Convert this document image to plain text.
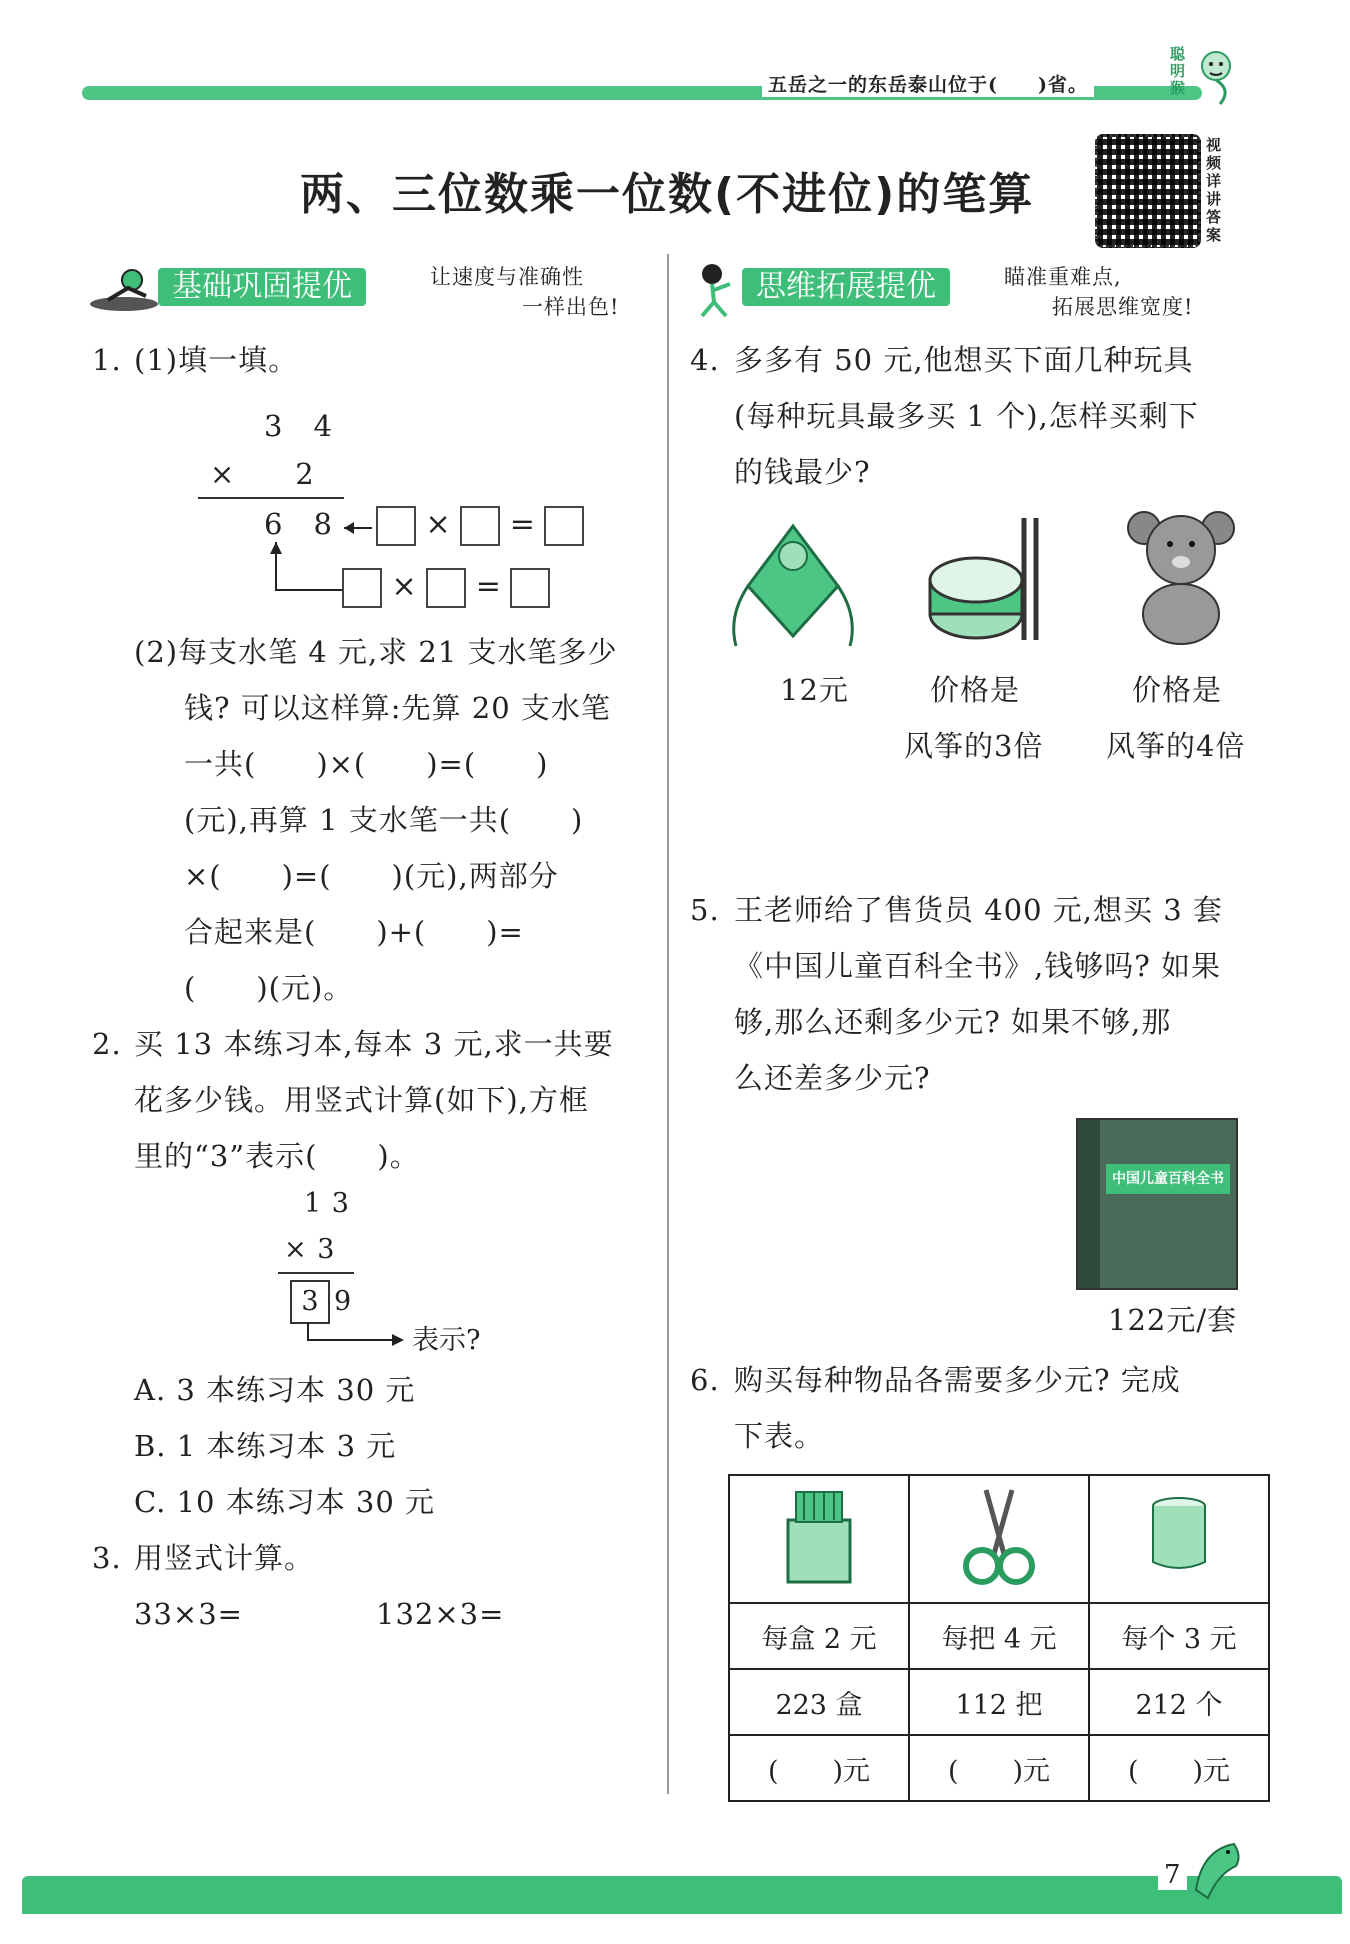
五岳之一的东岳泰山位于(　　)省。
聪明猴
两、三位数乘一位数(不进位)的笔算
视频详讲答案
基础巩固提优	让速度与准确性
一样出色!
思维拓展提优	瞄准重难点,
拓展思维宽度!
1. (1)填一填。
3　4
×　　2
6　8	× =
× =
(2)每支水笔 4 元,求 21 支水笔多少
钱? 可以这样算:先算 20 支水笔
一共(　　)×(　　)=(　　)
(元),再算 1 支水笔一共(　　)
×(　　)=(　　)(元),两部分
合起来是(　　)+(　　)=
(　　)(元)。
2. 买 13 本练习本,每本 3 元,求一共要
花多少钱。用竖式计算(如下),方框
里的“3”表示(　　)。
1 3
× 3
3 9
表示?
A. 3 本练习本 30 元
B. 1 本练习本 3 元
C. 10 本练习本 30 元
3. 用竖式计算。
33×3=	132×3=
4. 多多有 50 元,他想买下面几种玩具
(每种玩具最多买 1 个),怎样买剩下
的钱最少?
12元	价格是
风筝的3倍
价格是
风筝的4倍
5. 王老师给了售货员 400 元,想买 3 套
《中国儿童百科全书》,钱够吗? 如果
够,那么还剩多少元? 如果不够,那
么还差多少元?
中国儿童百科全书
122元/套
6. 购买每种物品各需要多少元? 完成
下表。

每盒 2 元	每把 4 元	每个 3 元
223 盒	112 把	212 个
(　　)元	(　　)元	(　　)元
7
